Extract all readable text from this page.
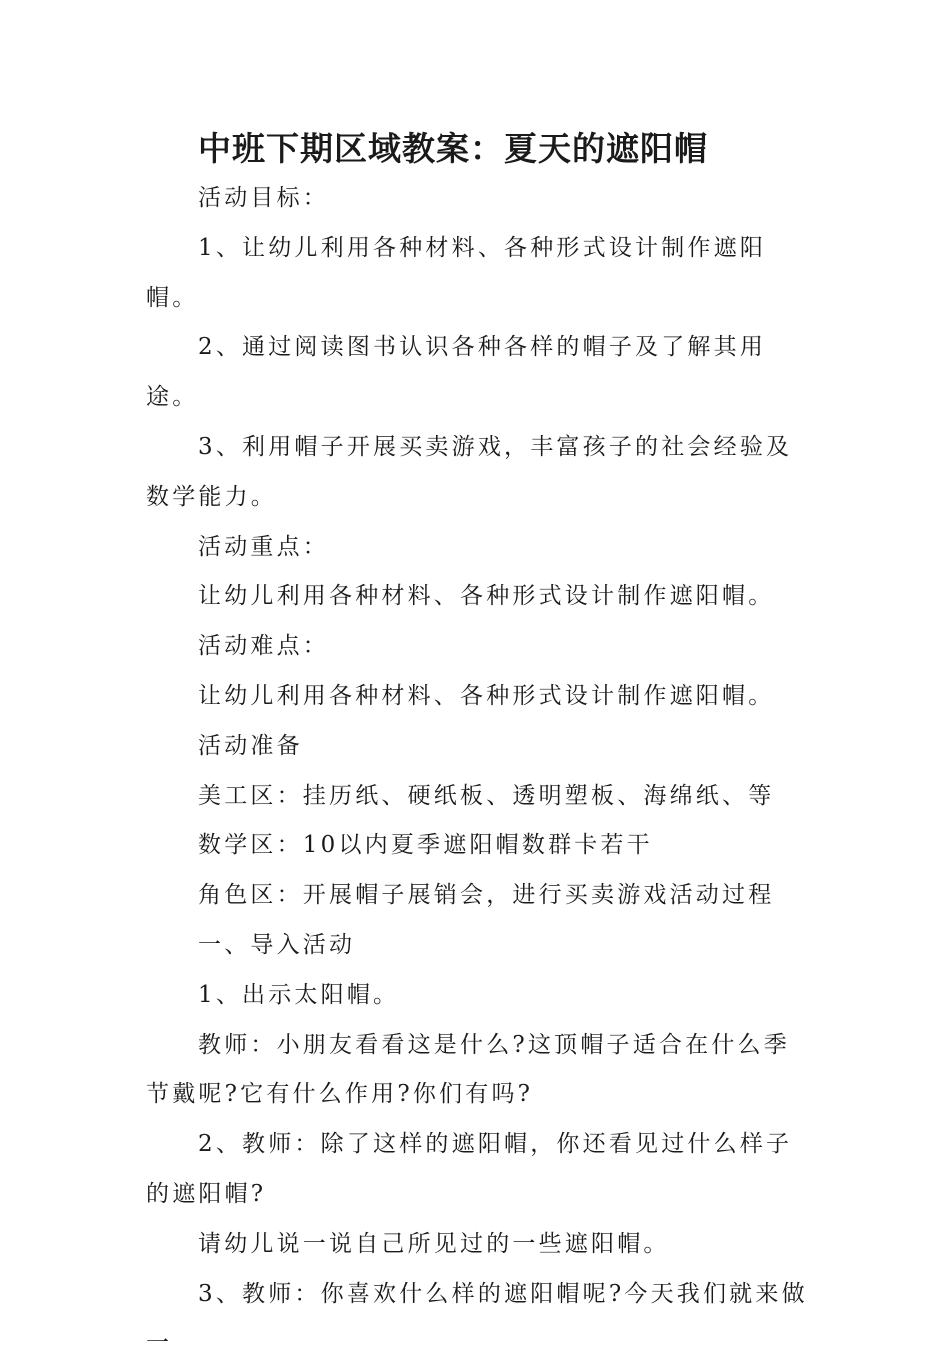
中班下期区域教案：夏天的遮阳帽

活动目标：

1、让幼儿利用各种材料、各种形式设计制作遮阳帽。

2、通过阅读图书认识各种各样的帽子及了解其用途。

3、利用帽子开展买卖游戏，丰富孩子的社会经验及数学能力。

活动重点：

让幼儿利用各种材料、各种形式设计制作遮阳帽。

活动难点：

让幼儿利用各种材料、各种形式设计制作遮阳帽。

活动准备

美工区：挂历纸、硬纸板、透明塑板、海绵纸、等

数学区：10以内夏季遮阳帽数群卡若干

角色区：开展帽子展销会，进行买卖游戏活动过程

一、导入活动

1、出示太阳帽。

教师：小朋友看看这是什么?这顶帽子适合在什么季节戴呢?它有什么作用?你们有吗?

2、教师：除了这样的遮阳帽，你还看见过什么样子的遮阳帽?

请幼儿说一说自己所见过的一些遮阳帽。

3、教师：你喜欢什么样的遮阳帽呢?今天我们就来做一
